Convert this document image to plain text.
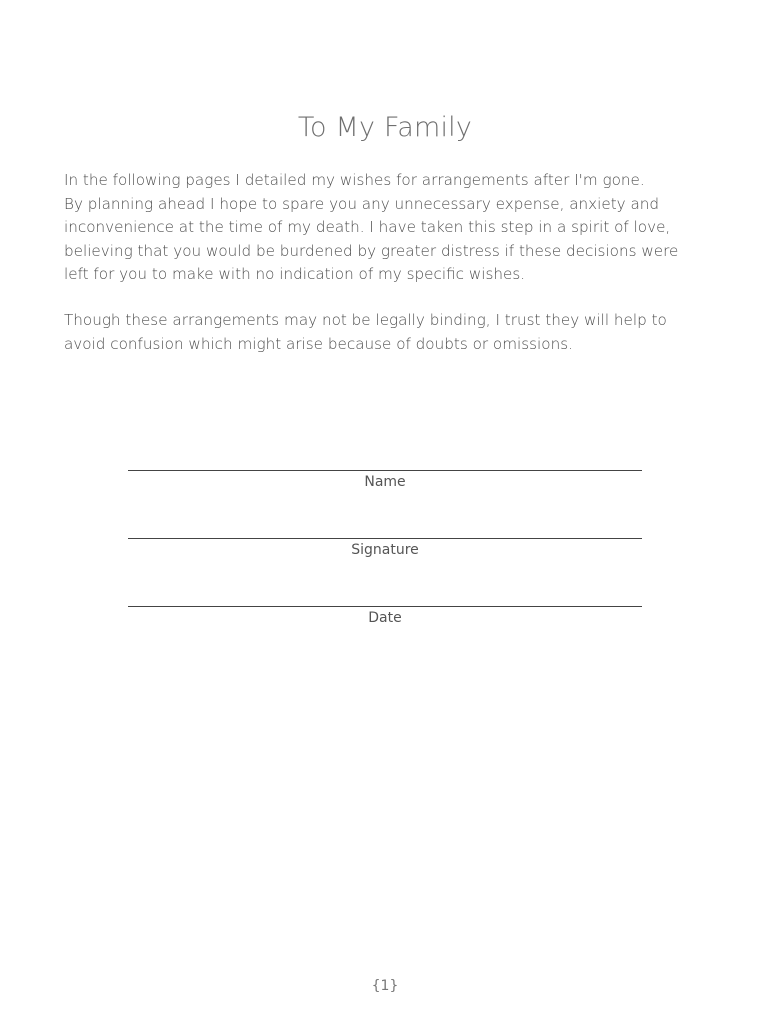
To My Family
In the following pages I detailed my wishes for arrangements after I'm gone.
By planning ahead I hope to spare you any unnecessary expense, anxiety and
inconvenience at the time of my death. I have taken this step in a spirit of love,
believing that you would be burdened by greater distress if these decisions were
left for you to make with no indication of my specific wishes.
Though these arrangements may not be legally binding, I trust they will help to
avoid confusion which might arise because of doubts or omissions.
Name
Signature
Date
{1}
